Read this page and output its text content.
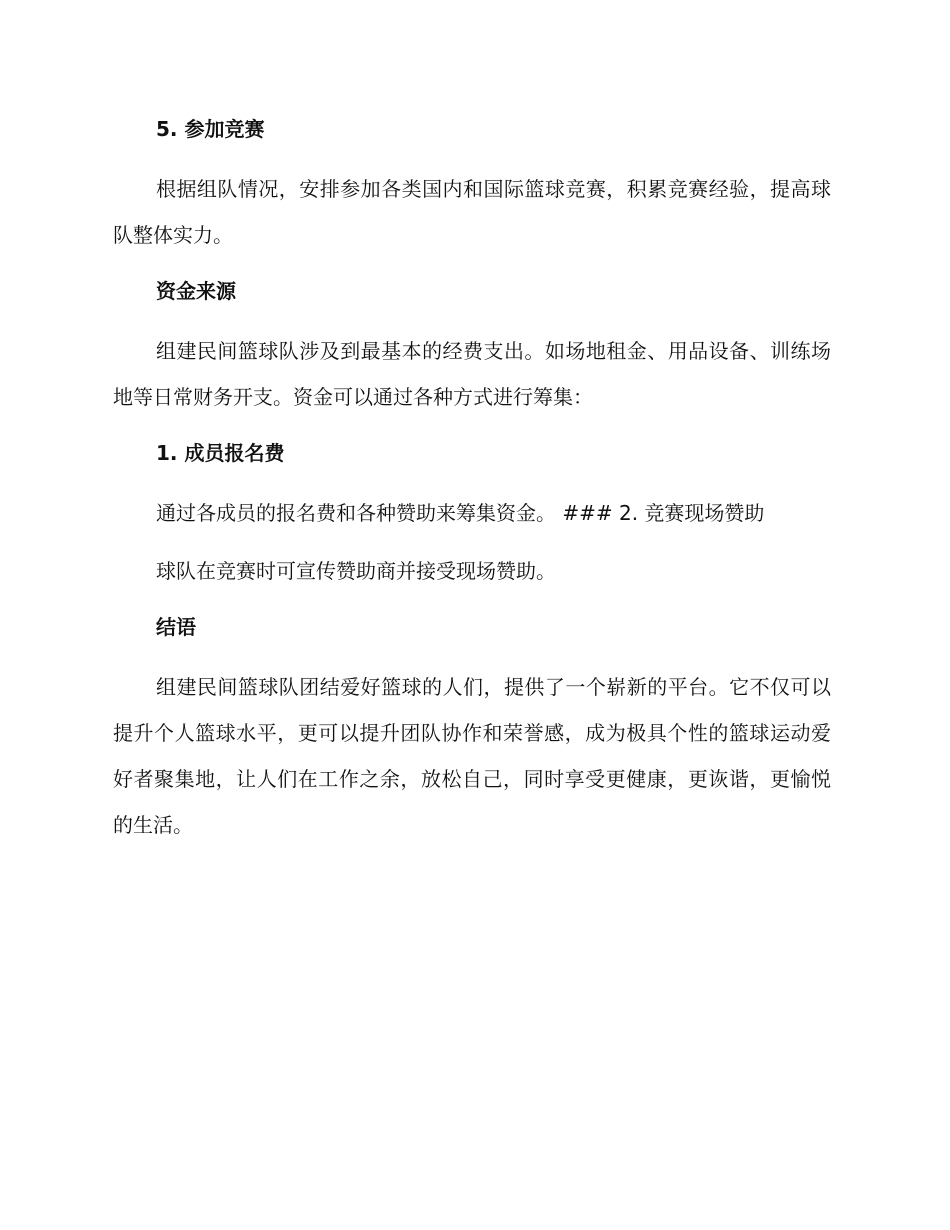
5. 参加竞赛

根据组队情况，安排参加各类国内和国际篮球竞赛，积累竞赛经验，提高球队整体实力。

资金来源

组建民间篮球队涉及到最基本的经费支出。如场地租金、用品设备、训练场地等日常财务开支。资金可以通过各种方式进行筹集：

1. 成员报名费

通过各成员的报名费和各种赞助来筹集资金。 ### 2. 竞赛现场赞助

球队在竞赛时可宣传赞助商并接受现场赞助。

结语

组建民间篮球队团结爱好篮球的人们，提供了一个崭新的平台。它不仅可以提升个人篮球水平，更可以提升团队协作和荣誉感，成为极具个性的篮球运动爱好者聚集地，让人们在工作之余，放松自己，同时享受更健康，更诙谐，更愉悦的生活。
